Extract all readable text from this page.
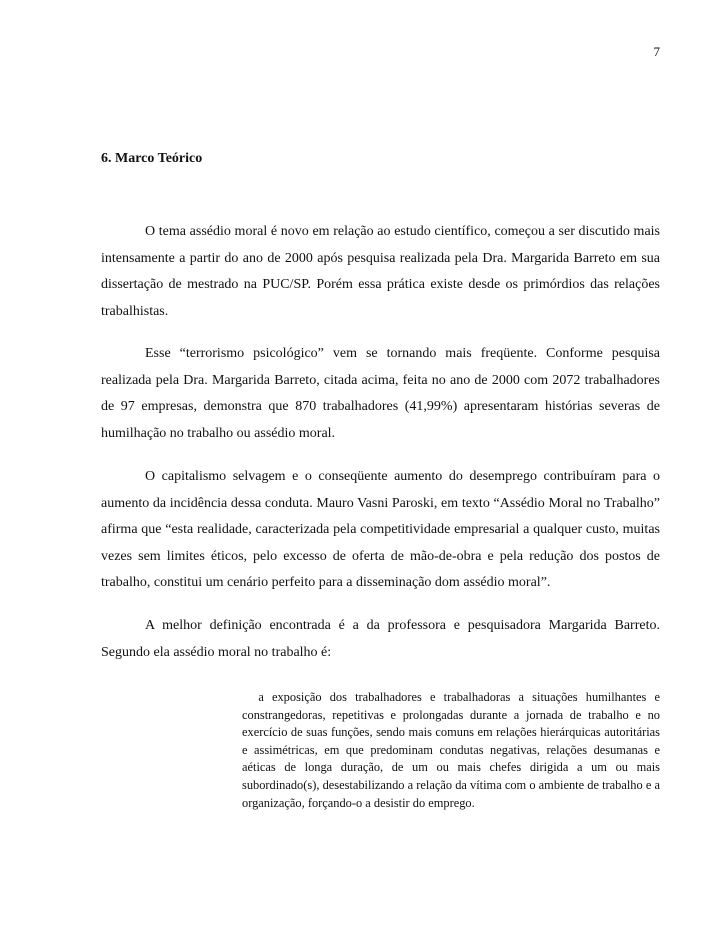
7
6. Marco Teórico

O tema assédio moral é novo em relação ao estudo científico, começou a ser discutido mais intensamente a partir do ano de 2000 após pesquisa realizada pela Dra. Margarida Barreto em sua dissertação de mestrado na PUC/SP. Porém essa prática existe desde os primórdios das relações trabalhistas.

Esse “terrorismo psicológico” vem se tornando mais freqüente. Conforme pesquisa realizada pela Dra. Margarida Barreto, citada acima, feita no ano de 2000 com 2072 trabalhadores de 97 empresas, demonstra que 870 trabalhadores (41,99%) apresentaram histórias severas de humilhação no trabalho ou assédio moral.

O capitalismo selvagem e o conseqüente aumento do desemprego contribuíram para o aumento da incidência dessa conduta. Mauro Vasni Paroski, em texto “Assédio Moral no Trabalho” afirma que “esta realidade, caracterizada pela competitividade empresarial a qualquer custo, muitas vezes sem limites éticos, pelo excesso de oferta de mão-de-obra e pela redução dos postos de trabalho, constitui um cenário perfeito para a disseminação dom assédio moral”.

A melhor definição encontrada é a da professora e pesquisadora Margarida Barreto. Segundo ela assédio moral no trabalho é:

a exposição dos trabalhadores e trabalhadoras a situações humilhantes e constrangedoras, repetitivas e prolongadas durante a jornada de trabalho e no exercício de suas funções, sendo mais comuns em relações hierárquicas autoritárias e assimétricas, em que predominam condutas negativas, relações desumanas e aéticas de longa duração, de um ou mais chefes dirigida a um ou mais subordinado(s), desestabilizando a relação da vítima com o ambiente de trabalho e a organização, forçando-o a desistir do emprego.
